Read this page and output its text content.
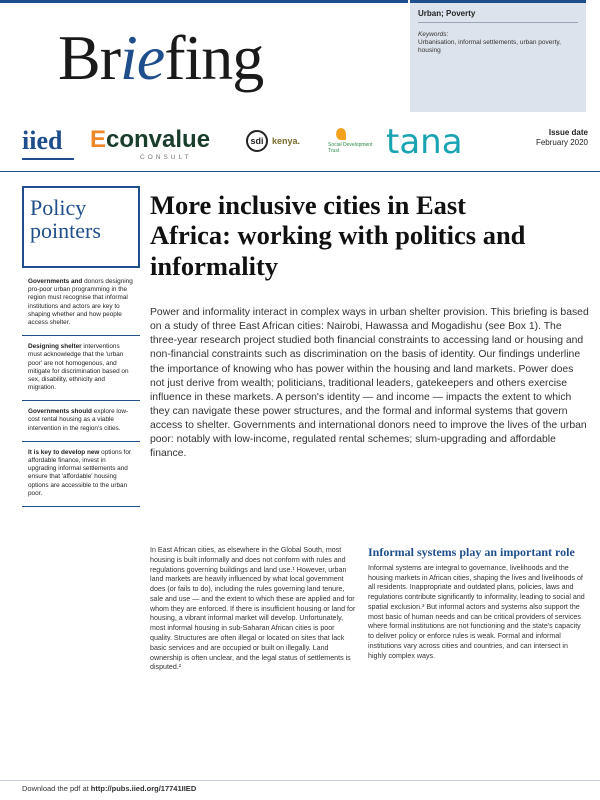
Briefing
Urban; Poverty
Keywords:
Urbanisation, informal settlements, urban poverty, housing
iied Econvalue
CONSULT
sdi kenya.	Social Development Trust	tana	Issue date
February 2020
Policy pointers
Governments and donors designing pro-poor urban programming in the region must recognise that informal institutions and actors are key to shaping whether and how people access shelter.
Designing shelter interventions must acknowledge that the 'urban poor' are not homogenous, and mitigate for discrimination based on sex, disability, ethnicity and migration.
Governments should explore low-cost rental housing as a viable intervention in the region's cities.
It is key to develop new options for affordable finance, invest in upgrading informal settlements and ensure that 'affordable' housing options are accessible to the urban poor.
More inclusive cities in East Africa: working with politics and informality

Power and informality interact in complex ways in urban shelter provision. This briefing is based on a study of three East African cities: Nairobi, Hawassa and Mogadishu (see Box 1). The three-year research project studied both financial constraints to accessing land or housing and non-financial constraints such as discrimination on the basis of identity. Our findings underline the importance of knowing who has power within the housing and land markets. Power does not just derive from wealth; politicians, traditional leaders, gatekeepers and others exercise influence in these markets. A person's identity — and income — impacts the extent to which they can navigate these power structures, and the formal and informal systems that govern access to shelter. Governments and international donors need to improve the lives of the urban poor: notably with low-income, regulated rental schemes; slum-upgrading and affordable finance.

In East African cities, as elsewhere in the Global South, most housing is built informally and does not conform with rules and regulations governing buildings and land use.¹ However, urban land markets are heavily influenced by what local government does (or fails to do), including the rules governing land tenure, sale and use — and the extent to which these are applied and for whom they are enforced. If there is insufficient housing or land for housing, a vibrant informal market will develop. Unfortunately, most informal housing in sub-Saharan African cities is poor quality. Structures are often illegal or located on sites that lack basic services and are occupied or built on illegally. Land ownership is often unclear, and the legal status of settlements is disputed.²

Informal systems play an important role

Informal systems are integral to governance, livelihoods and the housing markets in African cities, shaping the lives and livelihoods of all residents. Inappropriate and outdated plans, policies, laws and regulations contribute significantly to informality, leading to social and spatial exclusion.³ But informal actors and systems also support the most basic of human needs and can be critical providers of services where formal institutions are not functioning and the state's capacity to deliver policy or enforce rules is weak. Formal and informal institutions vary across cities and countries, and can intersect in highly complex ways.

Download the pdf at http://pubs.iied.org/17741IIED
